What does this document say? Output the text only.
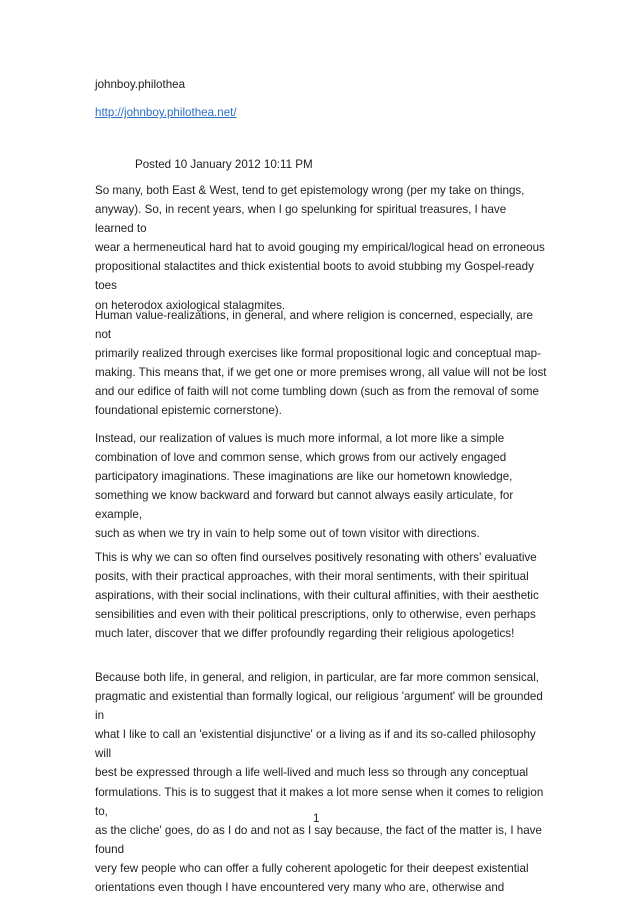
johnboy.philothea
http://johnboy.philothea.net/
Posted 10 January 2012 10:11 PM
So many, both East & West, tend to get epistemology wrong (per my take on things,
anyway). So, in recent years, when I go spelunking for spiritual treasures, I have learned to
wear a hermeneutical hard hat to avoid gouging my empirical/logical head on erroneous
propositional stalactites and thick existential boots to avoid stubbing my Gospel-ready toes
on heterodox axiological stalagmites.
Human value-realizations, in general, and where religion is concerned, especially, are not
primarily realized through exercises like formal propositional logic and conceptual map-
making. This means that, if we get one or more premises wrong, all value will not be lost
and our edifice of faith will not come tumbling down (such as from the removal of some
foundational epistemic cornerstone).
Instead, our realization of values is much more informal, a lot more like a simple
combination of love and common sense, which grows from our actively engaged
participatory imaginations. These imaginations are like our hometown knowledge,
something we know backward and forward but cannot always easily articulate, for example,
such as when we try in vain to help some out of town visitor with directions.
This is why we can so often find ourselves positively resonating with others' evaluative
posits, with their practical approaches, with their moral sentiments, with their spiritual
aspirations, with their social inclinations, with their cultural affinities, with their aesthetic
sensibilities and even with their political prescriptions, only to otherwise, even perhaps
much later, discover that we differ profoundly regarding their religious apologetics!
Because both life, in general, and religion, in particular, are far more common sensical,
pragmatic and existential than formally logical, our religious 'argument' will be grounded in
what I like to call an 'existential disjunctive' or a living as if and its so-called philosophy will
best be expressed through a life well-lived and much less so through any conceptual
formulations. This is to suggest that it makes a lot more sense when it comes to religion to,
as the cliche' goes, do as I do and not as I say because, the fact of the matter is, I have found
very few people who can offer a fully coherent apologetic for their deepest existential
orientations even though I have encountered very many who are, otherwise and
1
